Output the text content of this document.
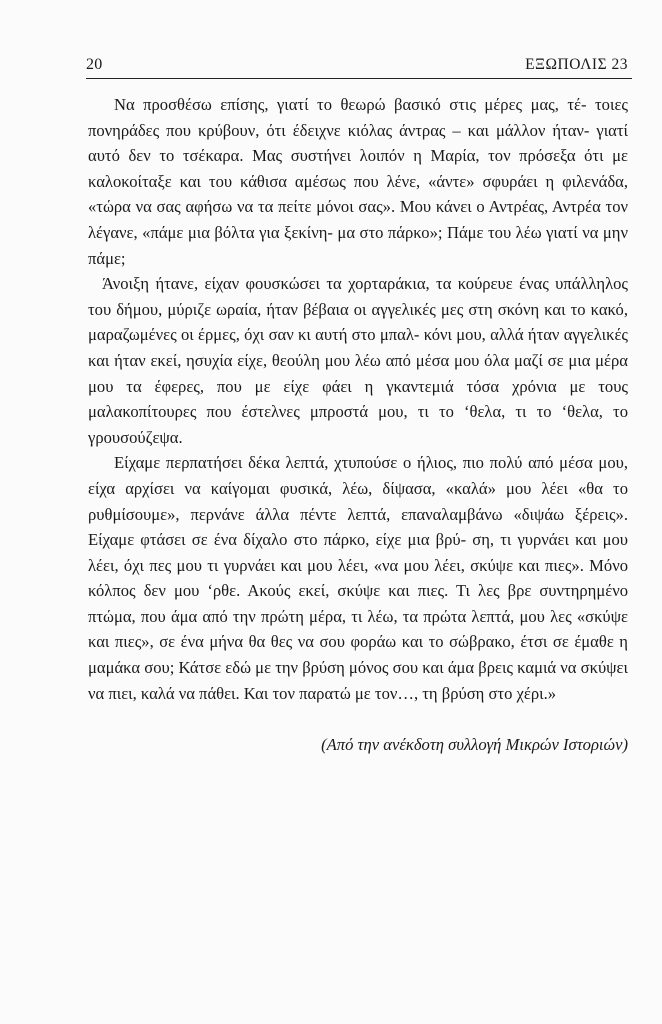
20	ΕΞΩΠΟΛΙΣ 23

Να προσθέσω επίσης, γιατί το θεωρώ βασικό στις μέρες μας, τέ- τοιες πονηράδες που κρύβουν, ότι έδειχνε κιόλας άντρας – και μάλλον ήταν- γιατί αυτό δεν το τσέκαρα. Μας συστήνει λοιπόν η Μαρία, τον πρόσεξα ότι με καλοκοίταξε και του κάθισα αμέσως που λένε, «άντε» σφυράει η φιλενάδα, «τώρα να σας αφήσω να τα πείτε μόνοι σας». Μου κάνει ο Αντρέας, Αντρέα τον λέγανε, «πάμε μια βόλτα για ξεκίνη- μα στο πάρκο»; Πάμε του λέω γιατί να μην πάμε;

Άνοιξη ήτανε, είχαν φουσκώσει τα χορταράκια, τα κούρευε ένας υπάλληλος του δήμου, μύριζε ωραία, ήταν βέβαια οι αγγελικές μες στη σκόνη και το κακό, μαραζωμένες οι έρμες, όχι σαν κι αυτή στο μπαλ- κόνι μου, αλλά ήταν αγγελικές και ήταν εκεί, ησυχία είχε, θεούλη μου λέω από μέσα μου όλα μαζί σε μια μέρα μου τα έφερες, που με είχε φάει η γκαντεμιά τόσα χρόνια με τους μαλακοπίτουρες που έστελνες μπροστά μου, τι το ‘θελα, τι το ‘θελα, το γρουσούζεψα.

Είχαμε περπατήσει δέκα λεπτά, χτυπούσε ο ήλιος, πιο πολύ από μέσα μου, είχα αρχίσει να καίγομαι φυσικά, λέω, δίψασα, «καλά» μου λέει «θα το ρυθμίσουμε», περνάνε άλλα πέντε λεπτά, επαναλαμβάνω «διψάω ξέρεις». Είχαμε φτάσει σε ένα δίχαλο στο πάρκο, είχε μια βρύ- ση, τι γυρνάει και μου λέει, όχι πες μου τι γυρνάει και μου λέει, «να μου λέει, σκύψε και πιες». Μόνο κόλπος δεν μου ‘ρθε. Ακούς εκεί, σκύψε και πιες. Τι λες βρε συντηρημένο πτώμα, που άμα από την πρώτη μέρα, τι λέω, τα πρώτα λεπτά, μου λες «σκύψε και πιες», σε ένα μήνα θα θες να σου φοράω και το σώβρακο, έτσι σε έμαθε η μαμάκα σου; Κάτσε εδώ με την βρύση μόνος σου και άμα βρεις καμιά να σκύψει να πιει, καλά να πάθει. Και τον παρατώ με τον…, τη βρύση στο χέρι.»

(Από την ανέκδοτη συλλογή Μικρών Ιστοριών)
